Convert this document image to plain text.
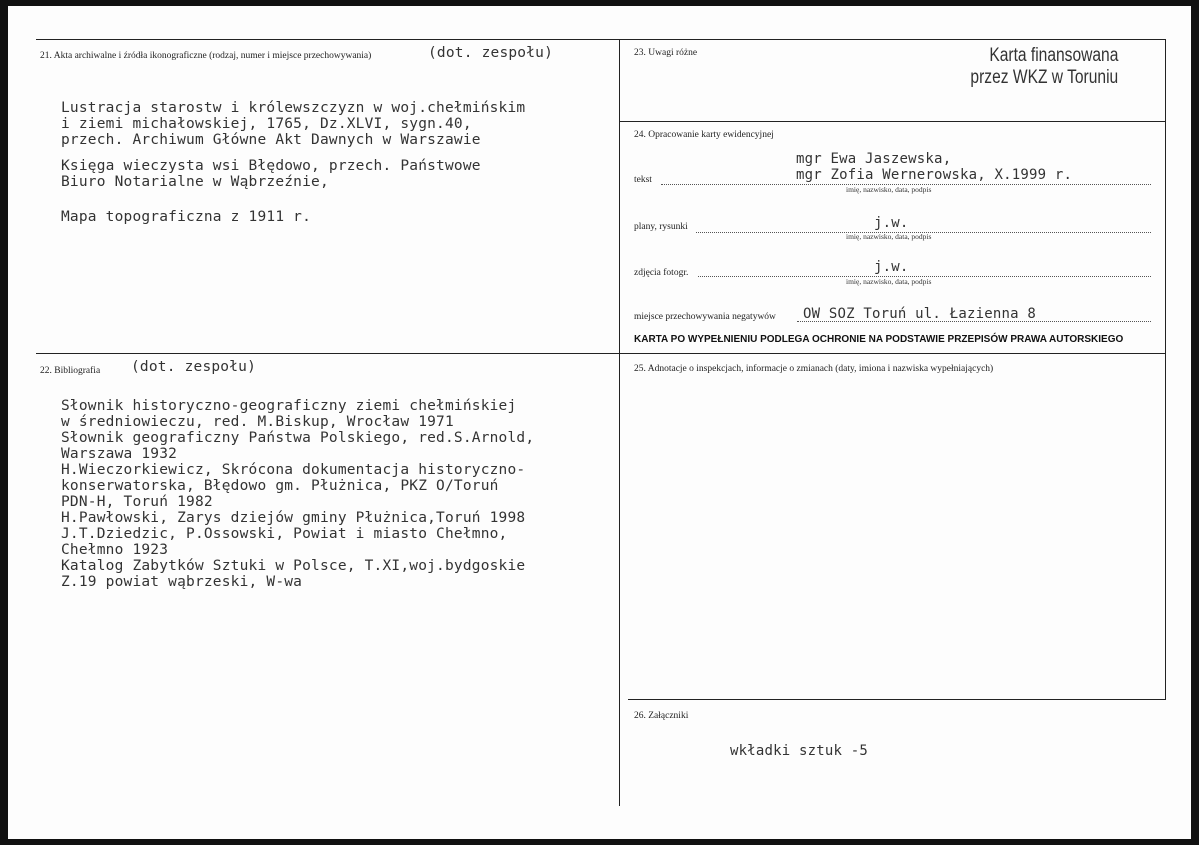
21. Akta archiwalne i źródła ikonograficzne (rodzaj, numer i miejsce przechowywania)	(dot. zespołu)
Lustracja starostw i królewszczyzn w woj.chełmińskim
i ziemi michałowskiej, 1765, Dz.XLVI, sygn.40,
przech. Archiwum Główne Akt Dawnych w Warszawie
Księga wieczysta wsi Błędowo, przech. Państwowe
Biuro Notarialne w Wąbrzeźnie,
Mapa topograficzna z 1911 r.
22. Bibliografia (dot. zespołu)
Słownik historyczno-geograficzny ziemi chełmińskiej
w średniowieczu, red. M.Biskup, Wrocław 1971
Słownik geograficzny Państwa Polskiego, red.S.Arnold,
Warszawa 1932
H.Wieczorkiewicz, Skrócona dokumentacja historyczno-
konserwatorska, Błędowo gm. Płużnica, PKZ O/Toruń
PDN-H, Toruń 1982
H.Pawłowski, Zarys dziejów gminy Płużnica,Toruń 1998
J.T.Dziedzic, P.Ossowski, Powiat i miasto Chełmno,
Chełmno 1923
Katalog Zabytków Sztuki w Polsce, T.XI,woj.bydgoskie
Z.19 powiat wąbrzeski, W-wa
23. Uwagi różne	Karta finansowana
przez WKZ w Toruniu
24. Opracowanie karty ewidencyjnej
mgr Ewa Jaszewska,
tekst	mgr Zofia Wernerowska, X.1999 r.
imię, nazwisko, data, podpis
plany, rysunki	j.w.
imię, nazwisko, data, podpis
zdjęcia fotogr.	j.w.
imię, nazwisko, data, podpis
miejsce przechowywania negatywów OW SOZ Toruń ul. Łazienna 8
KARTA PO WYPEŁNIENIU PODLEGA OCHRONIE NA PODSTAWIE PRZEPISÓW PRAWA AUTORSKIEGO
25. Adnotacje o inspekcjach, informacje o zmianach (daty, imiona i nazwiska wypełniających)
26. Załączniki
wkładki sztuk -5
